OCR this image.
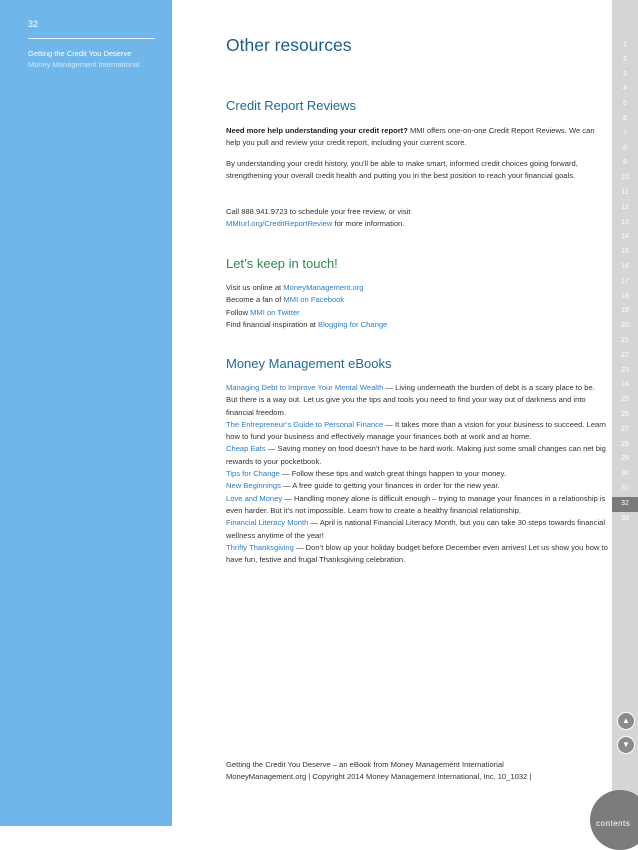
32
Getting the Credit You Deserve
Money Management International
Other resources
Credit Report Reviews
Need more help understanding your credit report? MMI offers one-on-one Credit Report Reviews. We can help you pull and review your credit report, including your current score.
By understanding your credit history, you’ll be able to make smart, informed credit choices going forward, strengthening your overall credit health and putting you in the best position to reach your financial goals.
Call 888.941.9723 to schedule your free review, or visit
MMIurl.org/CreditReportReview for more information.
Let’s keep in touch!
Visit us online at MoneyManagement.org
Become a fan of MMI on Facebook
Follow MMI on Twitter
Find financial inspiration at Blogging for Change
Money Management eBooks
Managing Debt to Improve Your Mental Wealth — Living underneath the burden of debt is a scary place to be. But there is a way out. Let us give you the tips and tools you need to find your way out of darkness and into financial freedom.
The Entrepreneur’s Guide to Personal Finance — It takes more than a vision for your business to succeed. Learn how to fund your business and effectively manage your finances both at work and at home.
Cheap Eats — Saving money on food doesn’t have to be hard work. Making just some small changes can net big rewards to your pocketbook.
Tips for Change — Follow these tips and watch great things happen to your money.
New Beginnings — A free guide to getting your finances in order for the new year.
Love and Money — Handling money alone is difficult enough – trying to manage your finances in a relationship is even harder. But it’s not impossible. Learn how to create a healthy financial relationship.
Financial Literacy Month — April is national Financial Literacy Month, but you can take 30 steps towards financial wellness anytime of the year!
Thrifty Thanksgiving — Don’t blow up your holiday budget before December even arrives! Let us show you how to have fun, festive and frugal Thanksgiving celebration.
Getting the Credit You Deserve – an eBook from Money Management International
MoneyManagement.org | Copyright 2014 Money Management International, Inc. 10_1032 |
1
2
3
4
5
6
7
8
9
10
11
12
13
14
15
16
17
18
19
20
21
22
23
24
25
26
27
28
29
30
31
32
33
▲
▼
contents
